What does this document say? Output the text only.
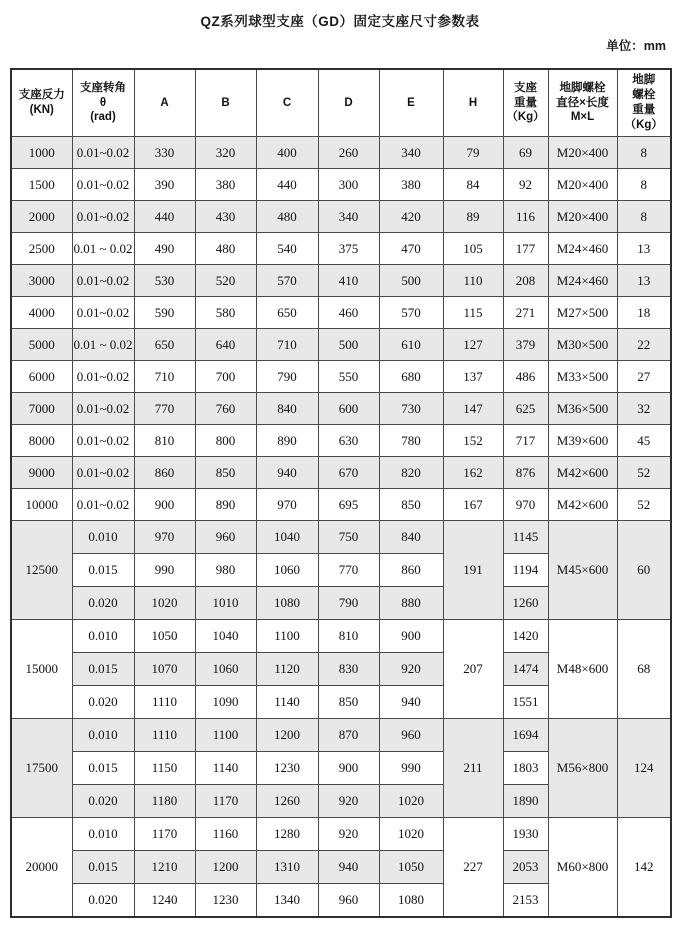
QZ系列球型支座（GD）固定支座尺寸参数表
单位：mm
支座反力
(KN)	支座转角
θ
(rad)	A	B	C	D	E	H	支座
重量
（Kg）	地脚螺栓
直径×长度
M×L	地脚
螺栓
重量
（Kg）

1000	0.01~0.02	330	320	400	260	340	79	69	M20×400	8
1500	0.01~0.02	390	380	440	300	380	84	92	M20×400	8
2000	0.01~0.02	440	430	480	340	420	89	116	M20×400	8
2500	0.01 ~ 0.02	490	480	540	375	470	105	177	M24×460	13
3000	0.01~0.02	530	520	570	410	500	110	208	M24×460	13
4000	0.01~0.02	590	580	650	460	570	115	271	M27×500	18
5000	0.01 ~ 0.02	650	640	710	500	610	127	379	M30×500	22
6000	0.01~0.02	710	700	790	550	680	137	486	M33×500	27
7000	0.01~0.02	770	760	840	600	730	147	625	M36×500	32
8000	0.01~0.02	810	800	890	630	780	152	717	M39×600	45
9000	0.01~0.02	860	850	940	670	820	162	876	M42×600	52
10000	0.01~0.02	900	890	970	695	850	167	970	M42×600	52
12500	0.010	970	960	1040	750	840	191	1145	M45×600	60
	0.015	990	980	1060	770	860		1194		
	0.020	1020	1010	1080	790	880		1260		
15000	0.010	1050	1040	1100	810	900	207	1420	M48×600	68
	0.015	1070	1060	1120	830	920		1474		
	0.020	1110	1090	1140	850	940		1551		
17500	0.010	1110	1100	1200	870	960	211	1694	M56×800	124
	0.015	1150	1140	1230	900	990		1803		
	0.020	1180	1170	1260	920	1020		1890		
20000	0.010	1170	1160	1280	920	1020	227	1930	M60×800	142
	0.015	1210	1200	1310	940	1050		2053		
	0.020	1240	1230	1340	960	1080		2153		
